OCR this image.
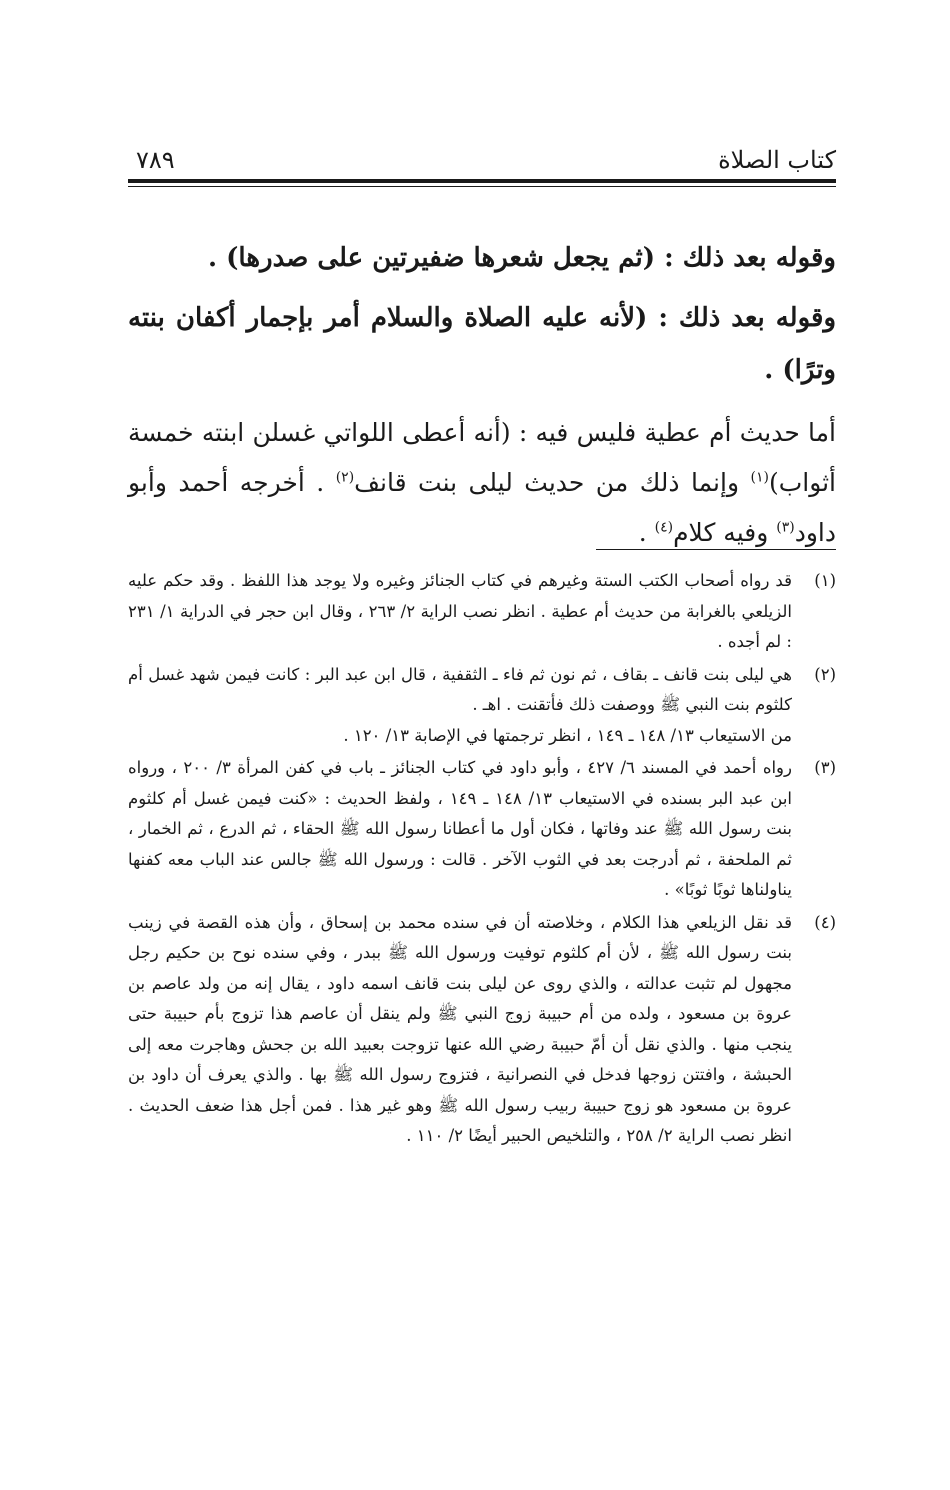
كتاب الصلاة
٧٨٩

وقوله بعد ذلك : (ثم يجعل شعرها ضفيرتين على صدرها) .

وقوله بعد ذلك : (لأنه عليه الصلاة والسلام أمر بإجمار أكفان بنته وترًا) .

أما حديث أم عطية فليس فيه : (أنه أعطى اللواتي غسلن ابنته خمسة أثواب)$^{(١)}$ وإنما ذلك من حديث ليلى بنت قانف$^{(٢)}$ . أخرجه أحمد وأبو داود$^{(٣)}$ وفيه كلام$^{(٤)}$ .

(١)
قد رواه أصحاب الكتب الستة وغيرهم في كتاب الجنائز وغيره ولا يوجد هذا اللفظ . وقد حكم عليه الزيلعي بالغرابة من حديث أم عطية . انظر نصب الراية ٢/ ٢٦٣ ، وقال ابن حجر في الدراية ١/ ٢٣١ : لم أجده .
(٢)
هي ليلى بنت قانف ـ بقاف ، ثم نون ثم فاء ـ الثقفية ، قال ابن عبد البر : كانت فيمن شهد غسل أم كلثوم بنت النبي ﷺ ووصفت ذلك فأتقنت . اهـ .
من الاستيعاب ١٣/ ١٤٨ ـ ١٤٩ ، انظر ترجمتها في الإصابة ١٣/ ١٢٠ .
(٣)
رواه أحمد في المسند ٦/ ٤٢٧ ، وأبو داود في كتاب الجنائز ـ باب في كفن المرأة ٣/ ٢٠٠ ، ورواه ابن عبد البر بسنده في الاستيعاب ١٣/ ١٤٨ ـ ١٤٩ ، ولفظ الحديث : «كنت فيمن غسل أم كلثوم بنت رسول الله ﷺ عند وفاتها ، فكان أول ما أعطانا رسول الله ﷺ الحقاء ، ثم الدرع ، ثم الخمار ، ثم الملحفة ، ثم أدرجت بعد في الثوب الآخر . قالت : ورسول الله ﷺ جالس عند الباب معه كفنها يناولناها ثوبًا ثوبًا» .
(٤)
قد نقل الزيلعي هذا الكلام ، وخلاصته أن في سنده محمد بن إسحاق ، وأن هذه القصة في زينب بنت رسول الله ﷺ ، لأن أم كلثوم توفيت ورسول الله ﷺ ببدر ، وفي سنده نوح بن حكيم رجل مجهول لم تثبت عدالته ، والذي روى عن ليلى بنت قانف اسمه داود ، يقال إنه من ولد عاصم بن عروة بن مسعود ، ولده من أم حبيبة زوج النبي ﷺ ولم ينقل أن عاصم هذا تزوج بأم حبيبة حتى ينجب منها . والذي نقل أن أمّ حبيبة رضي الله عنها تزوجت بعبيد الله بن جحش وهاجرت معه إلى الحبشة ، وافتتن زوجها فدخل في النصرانية ، فتزوج رسول الله ﷺ بها . والذي يعرف أن داود بن عروة بن مسعود هو زوج حبيبة ربيب رسول الله ﷺ وهو غير هذا . فمن أجل هذا ضعف الحديث . انظر نصب الراية ٢/ ٢٥٨ ، والتلخيص الحبير أيضًا ٢/ ١١٠ .
